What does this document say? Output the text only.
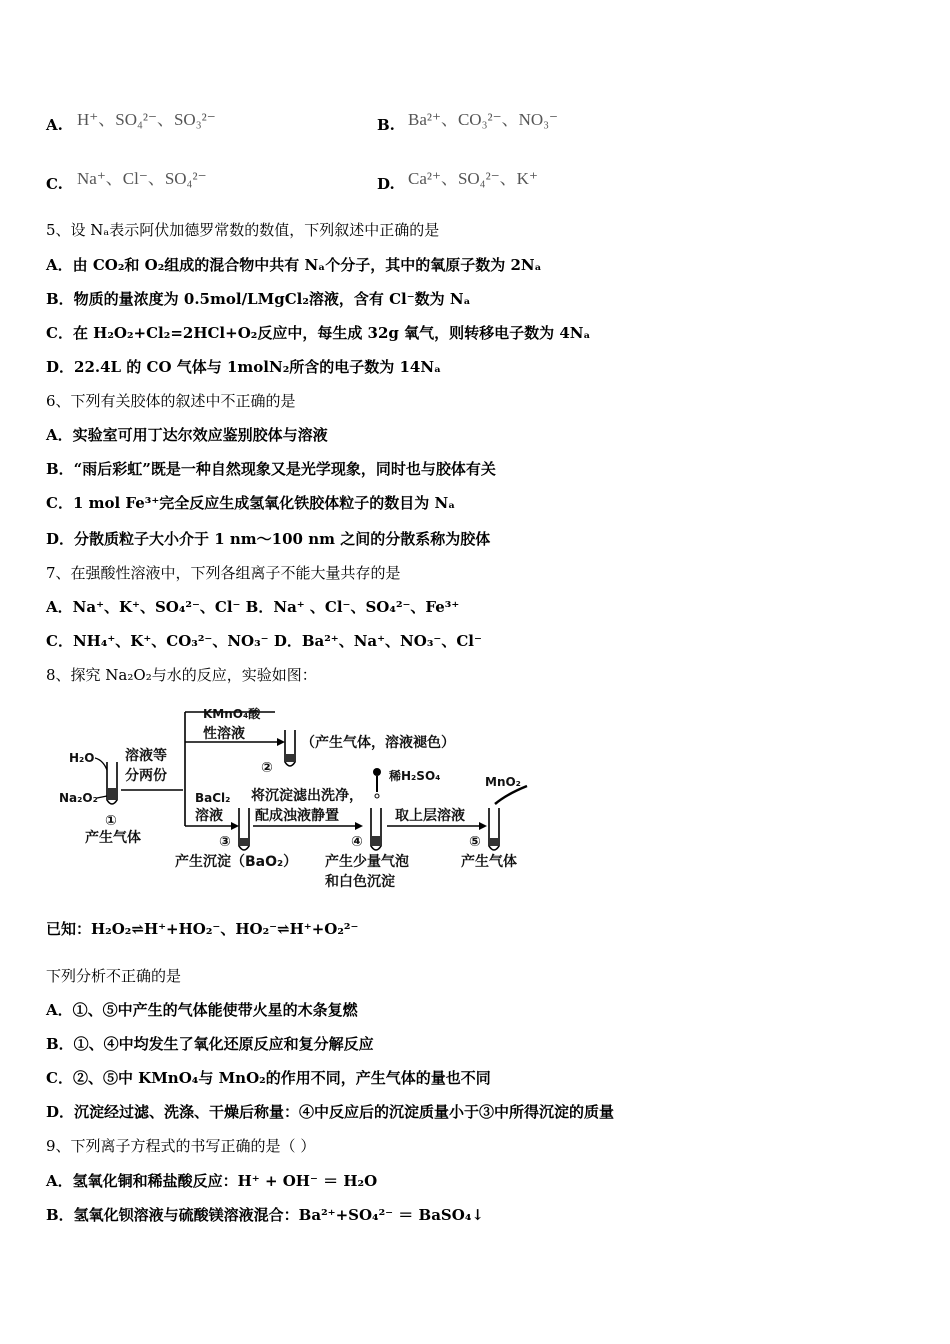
A. H⁺、SO₄²⁻、SO₃²⁻	B. Ba²⁺、CO₃²⁻、NO₃⁻
C. Na⁺、Cl⁻、SO₄²⁻	D. Ca²⁺、SO₄²⁻、K⁺
5、设 Nₐ表示阿伏加德罗常数的数值，下列叙述中正确的是
A．由 CO₂和 O₂组成的混合物中共有 Nₐ个分子，其中的氧原子数为 2Nₐ
B．物质的量浓度为 0.5mol/LMgCl₂溶液，含有 Cl⁻数为 Nₐ
C．在 H₂O₂+Cl₂=2HCl+O₂反应中，每生成 32g 氧气，则转移电子数为 4Nₐ
D．22.4L 的 CO 气体与 1molN₂所含的电子数为 14Nₐ
6、下列有关胶体的叙述中不正确的是
A．实验室可用丁达尔效应鉴别胶体与溶液
B．“雨后彩虹”既是一种自然现象又是光学现象，同时也与胶体有关
C．1 mol Fe³⁺完全反应生成氢氧化铁胶体粒子的数目为 Nₐ
D．分散质粒子大小介于 1 nm～100 nm 之间的分散系称为胶体
7、在强酸性溶液中，下列各组离子不能大量共存的是
A．Na⁺、K⁺、SO₄²⁻、Cl⁻ B．Na⁺ 、Cl⁻、SO₄²⁻、Fe³⁺
C．NH₄⁺、K⁺、CO₃²⁻、NO₃⁻ D．Ba²⁺、Na⁺、NO₃⁻、Cl⁻
8、探究 Na₂O₂与水的反应，实验如图：
H₂O
Na₂O₂
①
产生气体
溶液等
分两份
KMnO₄酸
性溶液
②
（产生气体，溶液褪色）
BaCl₂
溶液
③
产生沉淀（BaO₂）
将沉淀滤出洗净，
配成浊液静置
稀H₂SO₄
④
产生少量气泡
和白色沉淀
取上层溶液
MnO₂
⑤
产生气体
已知：H₂O₂⇌H⁺+HO₂⁻、HO₂⁻⇌H⁺+O₂²⁻
下列分析不正确的是
A．①、⑤中产生的气体能使带火星的木条复燃
B．①、④中均发生了氧化还原反应和复分解反应
C．②、⑤中 KMnO₄与 MnO₂的作用不同，产生气体的量也不同
D．沉淀经过滤、洗涤、干燥后称量：④中反应后的沉淀质量小于③中所得沉淀的质量
9、下列离子方程式的书写正确的是（ ）
A．氢氧化铜和稀盐酸反应：H⁺ + OH⁻ ＝ H₂O
B．氢氧化钡溶液与硫酸镁溶液混合：Ba²⁺+SO₄²⁻ ＝ BaSO₄↓
